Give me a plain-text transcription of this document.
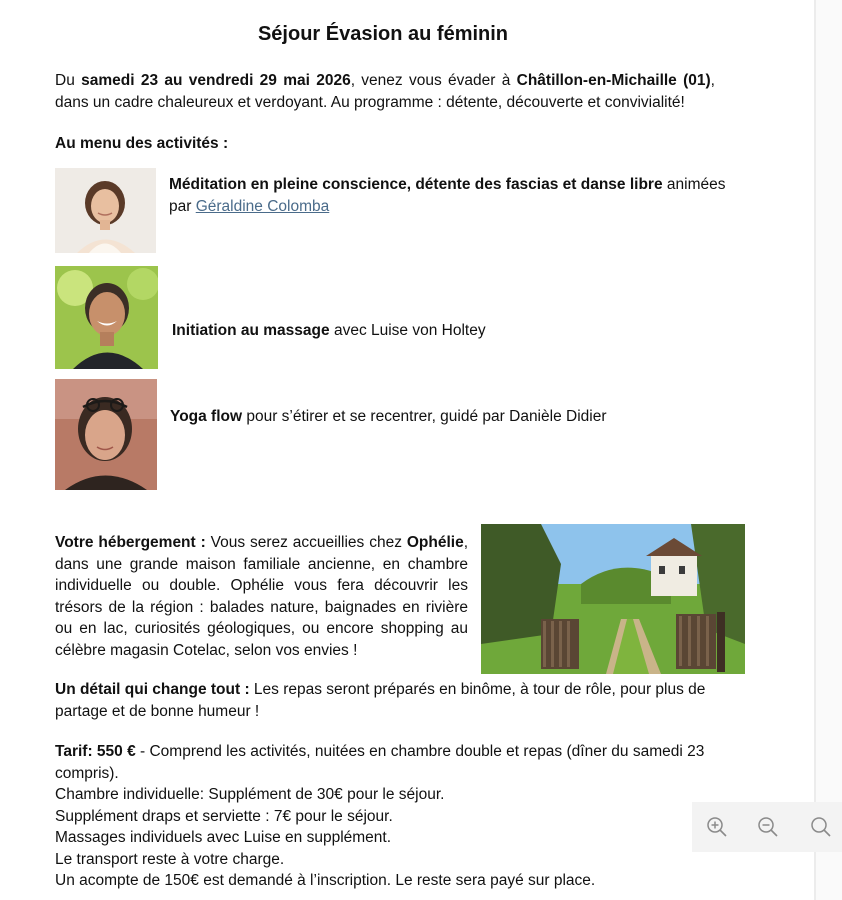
Séjour Évasion au féminin

Du samedi 23 au vendredi 29 mai 2026, venez vous évader à Châtillon-en-Michaille (01), dans un cadre chaleureux et verdoyant. Au programme : détente, découverte et convivialité!

Au menu des activités :

Méditation en pleine conscience, détente des fascias et danse libre animées par Géraldine Colomba

Initiation au massage avec Luise von Holtey

Yoga flow pour s’étirer et se recentrer, guidé par Danièle Didier

Votre hébergement : Vous serez accueillies chez Ophélie, dans une grande maison familiale ancienne, en chambre individuelle ou double. Ophélie vous fera découvrir les trésors de la région : balades nature, baignades en rivière ou en lac, curiosités géologiques, ou encore shopping au célèbre magasin Cotelac, selon vos envies !

Un détail qui change tout : Les repas seront préparés en binôme, à tour de rôle, pour plus de partage et de bonne humeur !

Tarif: 550 € - Comprend les activités, nuitées en chambre double et repas (dîner du samedi 23 compris).
Chambre individuelle: Supplément de 30€ pour le séjour.
Supplément draps et serviette : 7€ pour le séjour.
Massages individuels avec Luise en supplément.
Le transport reste à votre charge.
Un acompte de 150€ est demandé à l’inscription. Le reste sera payé sur place.
